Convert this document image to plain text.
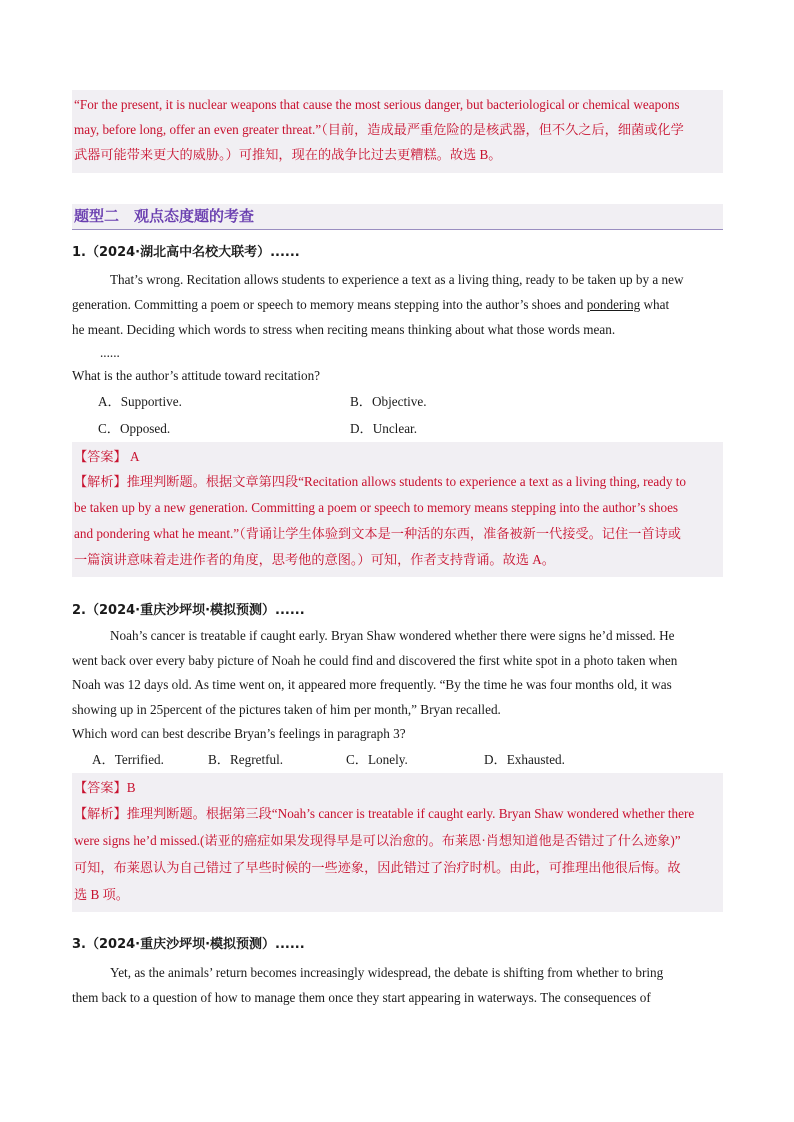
“For the present, it is nuclear weapons that cause the most serious danger, but bacteriological or chemical weapons
may, before long, offer an even greater threat.”（目前，造成最严重危险的是核武器，但不久之后，细菌或化学
武器可能带来更大的威胁。）可推知，现在的战争比过去更糟糕。故选 B。
题型二　观点态度题的考查
1.（2024·湖北高中名校大联考）......
That’s wrong. Recitation allows students to experience a text as a living thing, ready to be taken up by a new
generation. Committing a poem or speech to memory means stepping into the author’s shoes and pondering what
he meant. Deciding which words to stress when reciting means thinking about what those words mean.
......
What is the author’s attitude toward recitation?
A．Supportive.	B．Objective.
C．Opposed.	D．Unclear.
【答案】 A
【解析】推理判断题。根据文章第四段“Recitation allows students to experience a text as a living thing, ready to
be taken up by a new generation. Committing a poem or speech to memory means stepping into the author’s shoes
and pondering what he meant.”（背诵让学生体验到文本是一种活的东西，准备被新一代接受。记住一首诗或
一篇演讲意味着走进作者的角度，思考他的意图。）可知，作者支持背诵。故选 A。
2.（2024·重庆沙坪坝·模拟预测）......
Noah’s cancer is treatable if caught early. Bryan Shaw wondered whether there were signs he’d missed. He
went back over every baby picture of Noah he could find and discovered the first white spot in a photo taken when
Noah was 12 days old. As time went on, it appeared more frequently. “By the time he was four months old, it was
showing up in 25percent of the pictures taken of him per month,” Bryan recalled.
Which word can best describe Bryan’s feelings in paragraph 3?
A．Terrified.	B．Regretful.	C．Lonely.	D．Exhausted.
【答案】B
【解析】推理判断题。根据第三段“Noah’s cancer is treatable if caught early. Bryan Shaw wondered whether there
were signs he’d missed.(诺亚的癌症如果发现得早是可以治愈的。布莱恩·肖想知道他是否错过了什么迹象)”
可知，布莱恩认为自己错过了早些时候的一些迹象，因此错过了治疗时机。由此，可推理出他很后悔。故
选 B 项。
3.（2024·重庆沙坪坝·模拟预测）......
Yet, as the animals’ return becomes increasingly widespread, the debate is shifting from whether to bring
them back to a question of how to manage them once they start appearing in waterways. The consequences of
